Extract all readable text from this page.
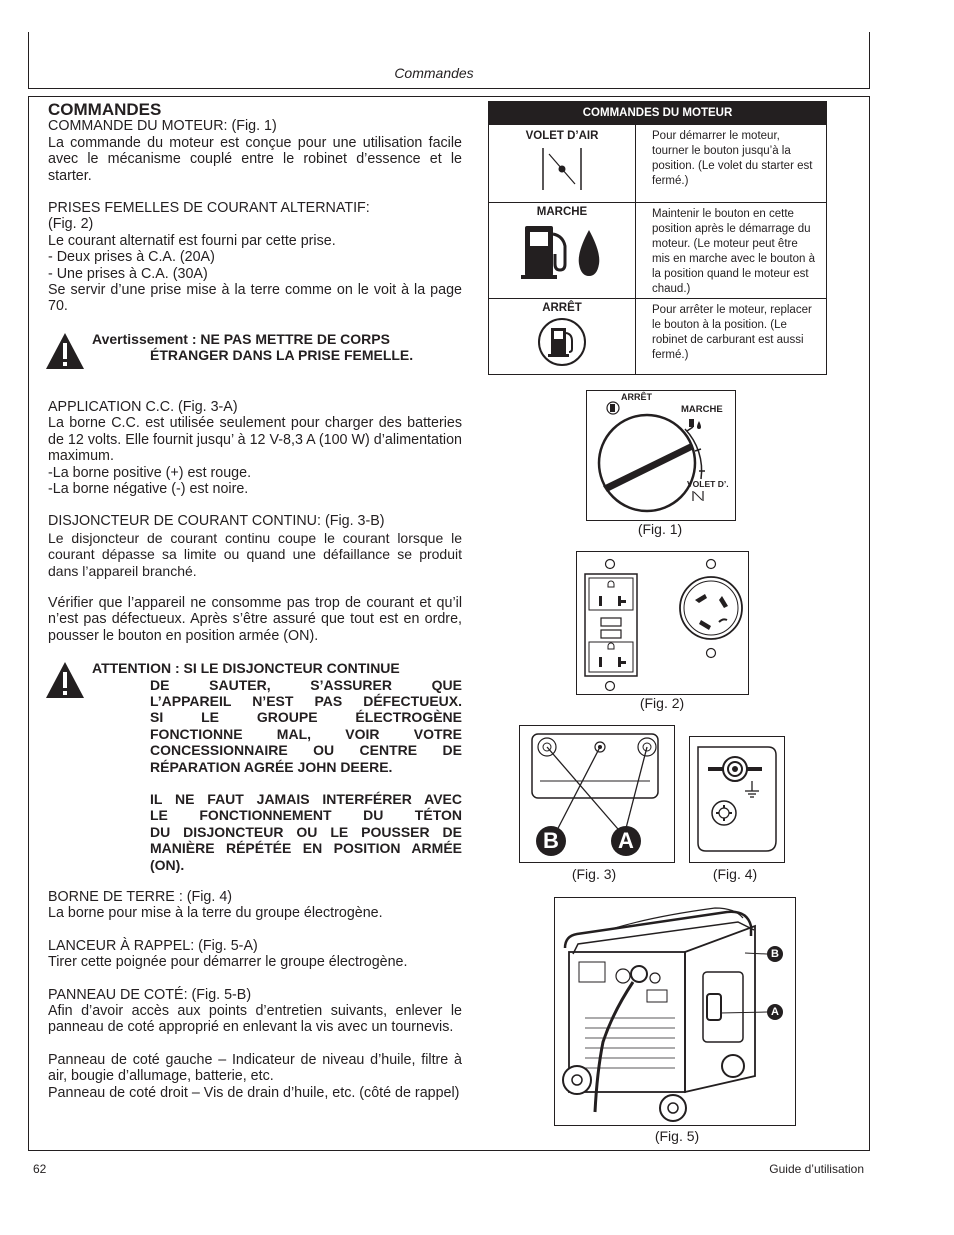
Commandes

COMMANDES

COMMANDE DU MOTEUR: (Fig. 1)

La commande du moteur est conçue pour une utilisation facile avec le mécanisme couplé entre le robinet d’essence et le starter.

PRISES FEMELLES DE COURANT ALTERNATIF:

(Fig. 2)

Le courant alternatif est fourni par cette prise.

- Deux prises à C.A. (20A)

- Une prises à C.A. (30A)

Se servir d’une prise mise à la terre comme on le voit à la page 70.

Avertissement : NE PAS METTRE DE CORPS
ÉTRANGER DANS LA PRISE FEMELLE.

APPLICATION C.C. (Fig. 3-A)

La borne C.C. est utilisée seulement pour charger des batteries de 12 volts. Elle fournit jusqu’ à 12 V-8,3 A (100 W) d’alimentation maximum.

-La borne positive (+) est rouge.

-La borne négative (-) est noire.

DISJONCTEUR DE COURANT CONTINU: (Fig. 3-B)

Le disjoncteur de courant continu coupe le courant lorsque le courant dépasse sa limite ou quand une défaillance se produit dans l’appareil branché.

Vérifier que l’appareil ne consomme pas trop de courant et qu’il n’est pas défectueux. Après s’être assuré que tout est en ordre, pousser le bouton en position armée (ON).

ATTENTION : SI LE DISJONCTEUR CONTINUE
DE SAUTER, S’ASSURER QUE
L’APPAREIL N’EST PAS DÉFECTUEUX.
SI LE GROUPE ÉLECTROGÈNE
FONCTIONNE MAL, VOIR VOTRE
CONCESSIONNAIRE OU CENTRE DE
RÉPARATION AGRÉE JOHN DEERE.
IL NE FAUT JAMAIS INTERFÉRER AVEC
LE FONCTIONNEMENT DU TÉTON
DU DISJONCTEUR OU LE POUSSER DE
MANIÈRE RÉPÉTÉE EN POSITION ARMÉE
(ON).

BORNE DE TERRE : (Fig. 4)

La borne pour mise à la terre du groupe électrogène.

LANCEUR À RAPPEL: (Fig. 5-A)

Tirer cette poignée pour démarrer le groupe électrogène.

PANNEAU DE COTÉ: (Fig. 5-B)

Afin d’avoir accès aux points d’entretien suivants, enlever le panneau de coté approprié en enlevant la vis avec un tournevis.

Panneau de coté gauche – Indicateur de niveau d’huile, filtre à air, bougie d’allumage, batterie, etc.

Panneau de coté droit – Vis de drain d’huile, etc. (côté de rappel)

COMMANDES DU MOTEUR	

VOLET D’AIR	Pour démarrer le moteur, tourner le bouton jusqu’à la position. (Le volet du starter est fermé.)

MARCHE	Maintenir le bouton en cette position après le démarrage du moteur. (Le moteur peut être mis en marche avec le bouton à la position quand le moteur est chaud.)

ARRÊT	Pour arrêter le moteur, replacer le bouton à la position. (Le robinet de carburant est aussi fermé.)
ARRÊT
MARCHE
VOLET D’.
(Fig. 1)
(Fig. 2)
B	A
(Fig. 3)	(Fig. 4)
B
A
(Fig. 5)
62	Guide d’utilisation
